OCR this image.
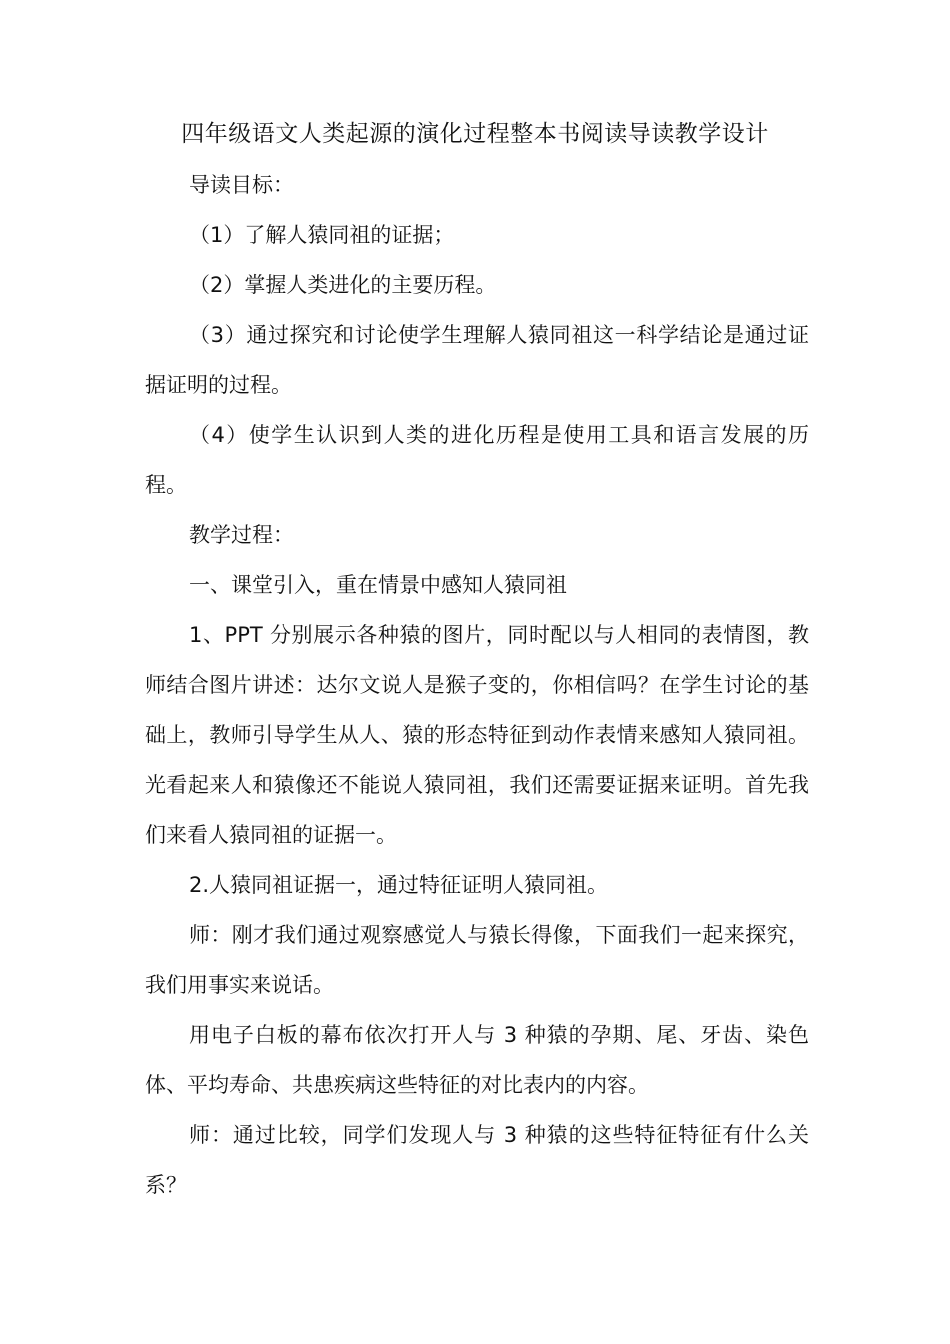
四年级语文人类起源的演化过程整本书阅读导读教学设计

导读目标：

（1）了解人猿同祖的证据；

（2）掌握人类进化的主要历程。

（3）通过探究和讨论使学生理解人猿同祖这一科学结论是通过证据证明的过程。

（4）使学生认识到人类的进化历程是使用工具和语言发展的历程。

教学过程：

一、课堂引入，重在情景中感知人猿同祖

1、PPT 分别展示各种猿的图片，同时配以与人相同的表情图，教师结合图片讲述：达尔文说人是猴子变的，你相信吗？在学生讨论的基础上，教师引导学生从人、猿的形态特征到动作表情来感知人猿同祖。光看起来人和猿像还不能说人猿同祖，我们还需要证据来证明。首先我们来看人猿同祖的证据一。

2.人猿同祖证据一，通过特征证明人猿同祖。

师：刚才我们通过观察感觉人与猿长得像，下面我们一起来探究，我们用事实来说话。

用电子白板的幕布依次打开人与 3 种猿的孕期、尾、牙齿、染色体、平均寿命、共患疾病这些特征的对比表内的内容。

师：通过比较，同学们发现人与 3 种猿的这些特征特征有什么关系？
